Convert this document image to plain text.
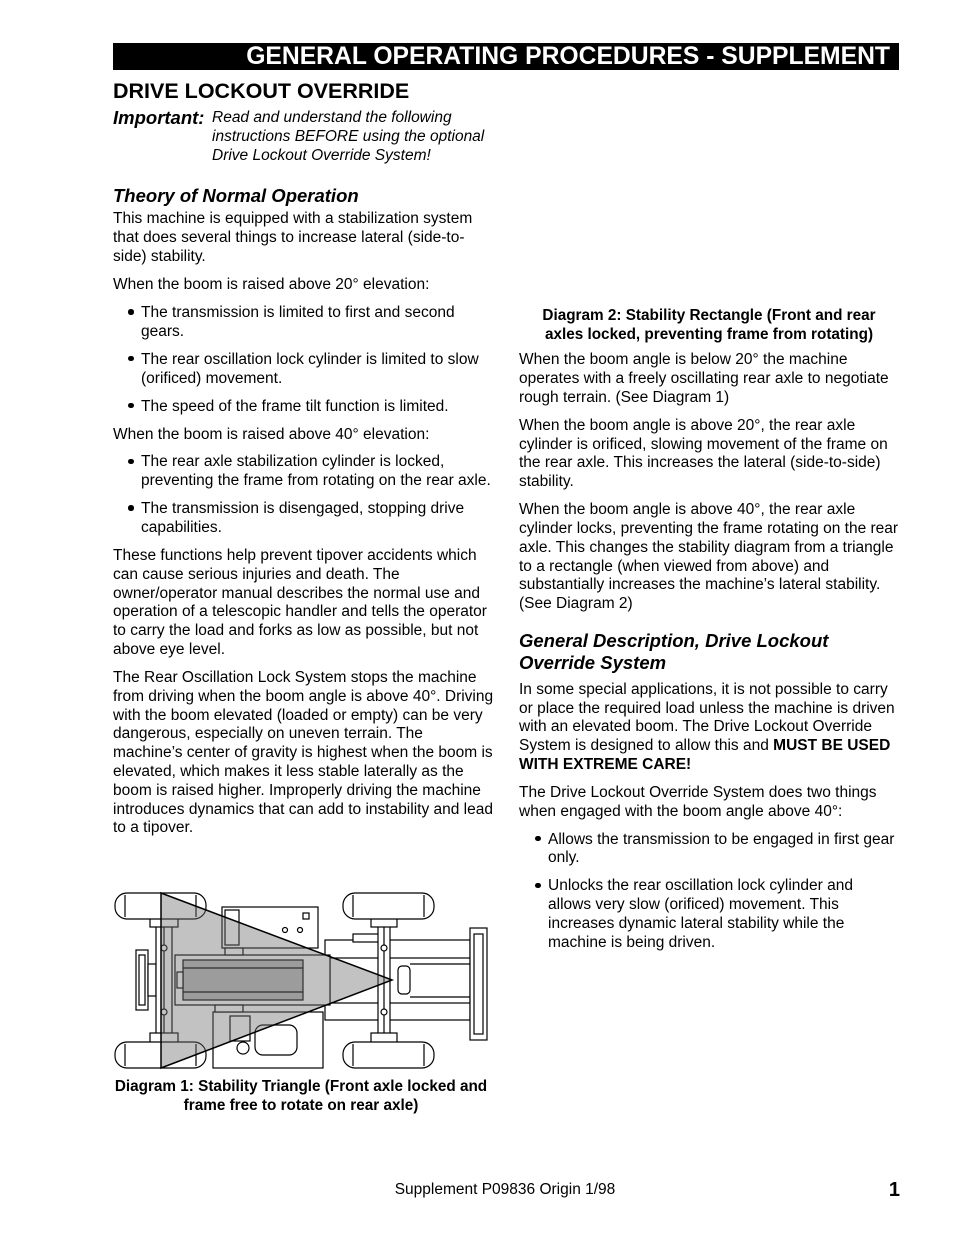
GENERAL OPERATING PROCEDURES - SUPPLEMENT
DRIVE LOCKOUT OVERRIDE
Important: Read and understand the following
instructions BEFORE using the optional
Drive Lockout Override System!
Theory of Normal Operation

This machine is equipped with a stabilization system
that does several things to increase lateral (side-to-
side) stability.

When the boom is raised above 20° elevation:

The transmission is limited to first and second
gears.
The rear oscillation lock cylinder is limited to slow
(orificed) movement.
The speed of the frame tilt function is limited.

When the boom is raised above 40° elevation:

The rear axle stabilization cylinder is locked,
preventing the frame from rotating on the rear axle.
The transmission is disengaged, stopping drive
capabilities.

These functions help prevent tipover accidents which
can cause serious injuries and death. The
owner/operator manual describes the normal use and
operation of a telescopic handler and tells the operator
to carry the load and forks as low as possible, but not
above eye level.

The Rear Oscillation Lock System stops the machine
from driving when the boom angle is above 40°. Driving
with the boom elevated (loaded or empty) can be very
dangerous, especially on uneven terrain. The
machine’s center of gravity is highest when the boom is
elevated, which makes it less stable laterally as the
boom is raised higher. Improperly driving the machine
introduces dynamics that can add to instability and lead
to a tipover.

Diagram 1: Stability Triangle (Front axle locked and
frame free to rotate on rear axle)
Diagram 2: Stability Rectangle (Front and rear
axles locked, preventing frame from rotating)

When the boom angle is below 20° the machine
operates with a freely oscillating rear axle to negotiate
rough terrain. (See Diagram 1)

When the boom angle is above 20°, the rear axle
cylinder is orificed, slowing movement of the frame on
the rear axle. This increases the lateral (side-to-side)
stability.

When the boom angle is above 40°, the rear axle
cylinder locks, preventing the frame rotating on the rear
axle. This changes the stability diagram from a triangle
to a rectangle (when viewed from above) and
substantially increases the machine’s lateral stability.
(See Diagram 2)

General Description, Drive Lockout
Override System

In some special applications, it is not possible to carry
or place the required load unless the machine is driven
with an elevated boom. The Drive Lockout Override
System is designed to allow this and MUST BE USED
WITH EXTREME CARE!

The Drive Lockout Override System does two things
when engaged with the boom angle above 40°:

Allows the transmission to be engaged in first gear
only.
Unlocks the rear oscillation lock cylinder and
allows very slow (orificed) movement. This
increases dynamic lateral stability while the
machine is being driven.
Supplement P09836 Origin 1/98	1
